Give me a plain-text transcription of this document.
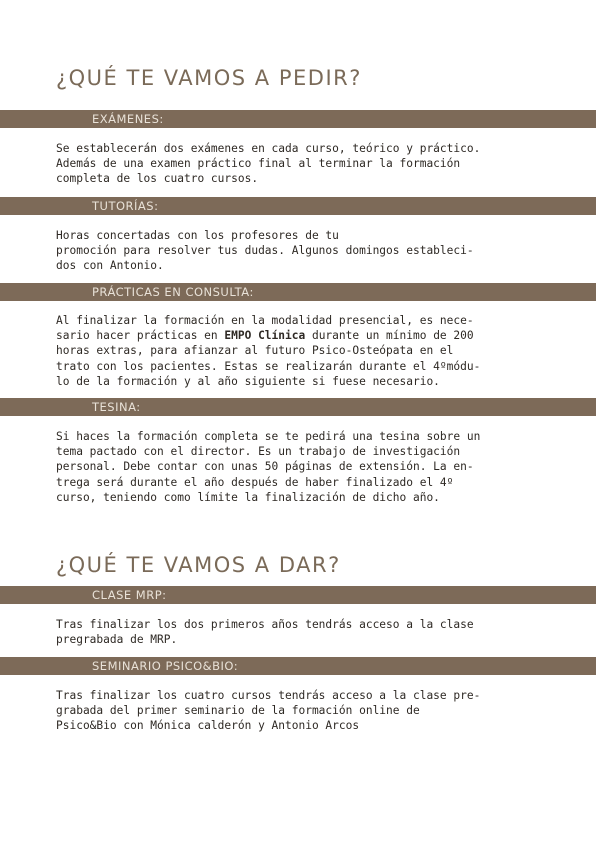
¿QUÉ TE VAMOS A PEDIR?
EXÁMENES:
Se establecerán dos exámenes en cada curso, teórico y práctico.
Además de una examen práctico final al terminar la formación
completa de los cuatro cursos.
TUTORÍAS:
Horas concertadas con los profesores de tu
promoción para resolver tus dudas. Algunos domingos estableci-
dos con Antonio.
PRÁCTICAS EN CONSULTA:
Al finalizar la formación en la modalidad presencial, es nece-
sario hacer prácticas en EMPO Clínica durante un mínimo de 200
horas extras, para afianzar al futuro Psico-Osteópata en el
trato con los pacientes. Estas se realizarán durante el 4ºmódu-
lo de la formación y al año siguiente si fuese necesario.
TESINA:
Si haces la formación completa se te pedirá una tesina sobre un
tema pactado con el director. Es un trabajo de investigación
personal. Debe contar con unas 50 páginas de extensión. La en-
trega será durante el año después de haber finalizado el 4º
curso, teniendo como límite la finalización de dicho año.
¿QUÉ TE VAMOS A DAR?
CLASE MRP:
Tras finalizar los dos primeros años tendrás acceso a la clase
pregrabada de MRP.
SEMINARIO PSICO&BIO:
Tras finalizar los cuatro cursos tendrás acceso a la clase pre-
grabada del primer seminario de la formación online de
Psico&Bio con Mónica calderón y Antonio Arcos
